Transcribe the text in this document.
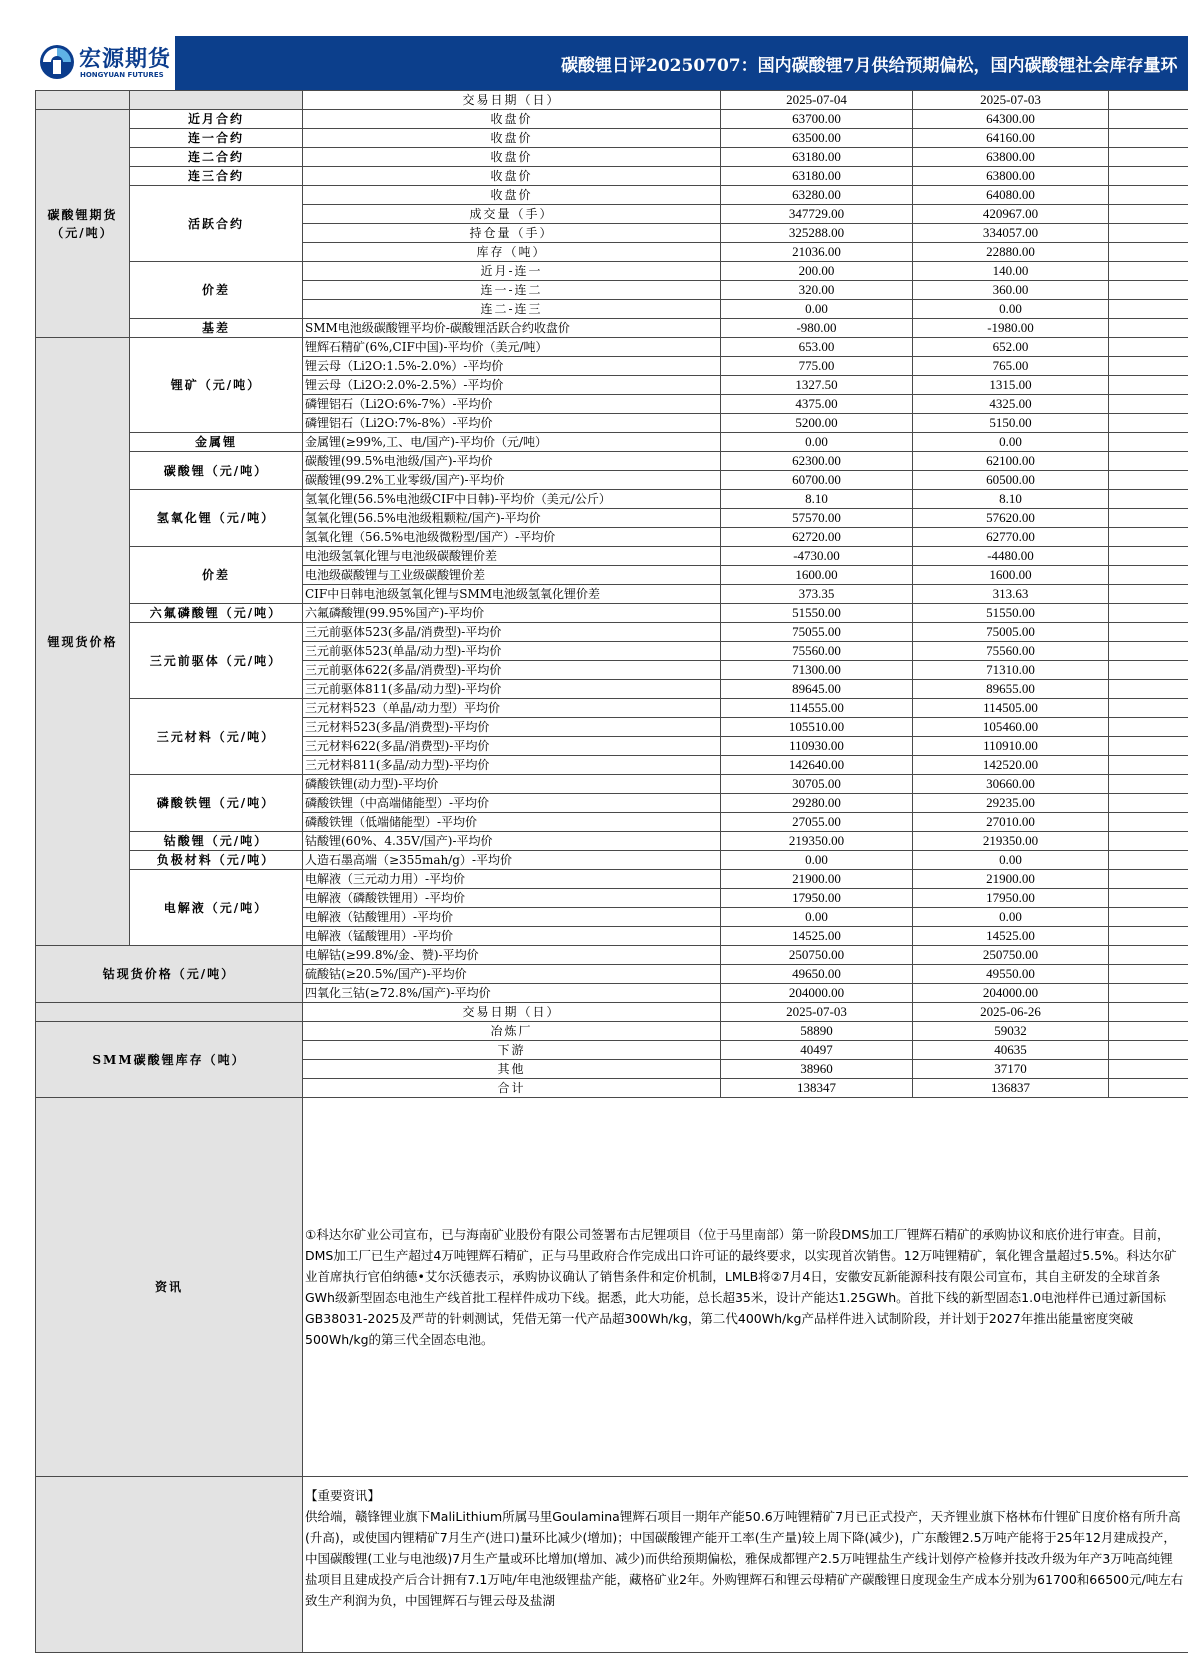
宏源期货
HONGYUAN FUTURES	碳酸锂日评20250707：国内碳酸锂7月供给预期偏松，国内碳酸锂社会库存量环
		交易日期（日）	2025-07-04	2025-07-03	
碳酸锂期货（元/吨）	近月合约	收盘价	63700.00	64300.00	
	连一合约	收盘价	63500.00	64160.00	
	连二合约	收盘价	63180.00	63800.00	
	连三合约	收盘价	63180.00	63800.00	
	活跃合约	收盘价	63280.00	64080.00	
		成交量（手）	347729.00	420967.00	
		持仓量（手）	325288.00	334057.00	
		库存（吨）	21036.00	22880.00	
	价差	近月-连一	200.00	140.00	
		连一-连二	320.00	360.00	
		连二-连三	0.00	0.00	
	基差	SMM电池级碳酸锂平均价-碳酸锂活跃合约收盘价	-980.00	-1980.00	
锂现货价格	锂矿（元/吨）	锂辉石精矿(6%,CIF中国)-平均价（美元/吨）	653.00	652.00	
		锂云母（Li2O:1.5%-2.0%）-平均价	775.00	765.00	
		锂云母（Li2O:2.0%-2.5%）-平均价	1327.50	1315.00	
		磷锂铝石（Li2O:6%-7%）-平均价	4375.00	4325.00	
		磷锂铝石（Li2O:7%-8%）-平均价	5200.00	5150.00	
	金属锂	金属锂(≥99%,工、电/国产)-平均价（元/吨）	0.00	0.00	
	碳酸锂（元/吨）	碳酸锂(99.5%电池级/国产)-平均价	62300.00	62100.00	
		碳酸锂(99.2%工业零级/国产)-平均价	60700.00	60500.00	
	氢氧化锂（元/吨）	氢氧化锂(56.5%电池级CIF中日韩)-平均价（美元/公斤）	8.10	8.10	
		氢氧化锂(56.5%电池级粗颗粒/国产)-平均价	57570.00	57620.00	
		氢氧化锂（56.5%电池级微粉型/国产）-平均价	62720.00	62770.00	
	价差	电池级氢氧化锂与电池级碳酸锂价差	-4730.00	-4480.00	
		电池级碳酸锂与工业级碳酸锂价差	1600.00	1600.00	
		CIF中日韩电池级氢氧化锂与SMM电池级氢氧化锂价差	373.35	313.63	
	六氟磷酸锂（元/吨）	六氟磷酸锂(99.95%国产)-平均价	51550.00	51550.00	
	三元前驱体（元/吨）	三元前驱体523(多晶/消费型)-平均价	75055.00	75005.00	
		三元前驱体523(单晶/动力型)-平均价	75560.00	75560.00	
		三元前驱体622(多晶/消费型)-平均价	71300.00	71310.00	
		三元前驱体811(多晶/动力型)-平均价	89645.00	89655.00	
	三元材料（元/吨）	三元材料523（单晶/动力型）平均价	114555.00	114505.00	
		三元材料523(多晶/消费型)-平均价	105510.00	105460.00	
		三元材料622(多晶/消费型)-平均价	110930.00	110910.00	
		三元材料811(多晶/动力型)-平均价	142640.00	142520.00	
	磷酸铁锂（元/吨）	磷酸铁锂(动力型)-平均价	30705.00	30660.00	
		磷酸铁锂（中高端储能型）-平均价	29280.00	29235.00	
		磷酸铁锂（低端储能型）-平均价	27055.00	27010.00	
	钴酸锂（元/吨）	钴酸锂(60%、4.35V/国产)-平均价	219350.00	219350.00	
	负极材料（元/吨）	人造石墨高端（≥355mah/g）-平均价	0.00	0.00	
	电解液（元/吨）	电解液（三元动力用）-平均价	21900.00	21900.00	
		电解液（磷酸铁锂用）-平均价	17950.00	17950.00	
		电解液（钴酸锂用）-平均价	0.00	0.00	
		电解液（锰酸锂用）-平均价	14525.00	14525.00	
钴现货价格（元/吨）		电解钴(≥99.8%/金、赞)-平均价	250750.00	250750.00	
		硫酸钴(≥20.5%/国产)-平均价	49650.00	49550.00	
		四氧化三钴(≥72.8%/国产)-平均价	204000.00	204000.00	
		交易日期（日）	2025-07-03	2025-06-26	
SMM碳酸锂库存（吨）		冶炼厂	58890	59032	
		下游	40497	40635	
		其他	38960	37170	
		合计	138347	136837	
资讯		①科达尔矿业公司宣布，已与海南矿业股份有限公司签署布古尼锂项目（位于马里南部）第一阶段DMS加工厂锂辉石精矿的承购协议和底价进行审查。目前，DMS加工厂已生产超过4万吨锂辉石精矿，正与马里政府合作完成出口许可证的最终要求，以实现首次销售。12万吨锂精矿，氧化锂含量超过5.5%。科达尔矿业首席执行官伯纳德•艾尔沃德表示，承购协议确认了销售条件和定价机制，LMLB将②7月4日，安徽安瓦新能源科技有限公司宣布，其自主研发的全球首条GWh级新型固态电池生产线首批工程样件成功下线。据悉，此大功能，总长超35米，设计产能达1.25GWh。首批下线的新型固态1.0电池样件已通过新国标GB38031-2025及严苛的针刺测试，凭借无第一代产品超300Wh/kg，第二代400Wh/kg产品样件进入试制阶段，并计划于2027年推出能量密度突破500Wh/kg的第三代全固态电池。			

		【重要资讯】
供给端，赣锋锂业旗下MaliLithium所属马里Goulamina锂辉石项目一期年产能50.6万吨锂精矿7月已正式投产，天齐锂业旗下格林布什锂矿日度价格有所升高(升高)，或使国内锂精矿7月生产(进口)量环比减少(增加)；中国碳酸锂产能开工率(生产量)较上周下降(减少)，广东酸锂2.5万吨产能将于25年12月建成投产，中国碳酸锂(工业与电池级)7月生产量或环比增加(增加、减少)而供给预期偏松，雅保成都锂产2.5万吨锂盐生产线计划停产检修并技改升级为年产3万吨高纯锂盐项目且建成投产后合计拥有7.1万吨/年电池级锂盐产能，藏格矿业2年。外购锂辉石和锂云母精矿产碳酸锂日度现金生产成本分别为61700和66500元/吨左右致生产利润为负，中国锂辉石与锂云母及盐湖			
